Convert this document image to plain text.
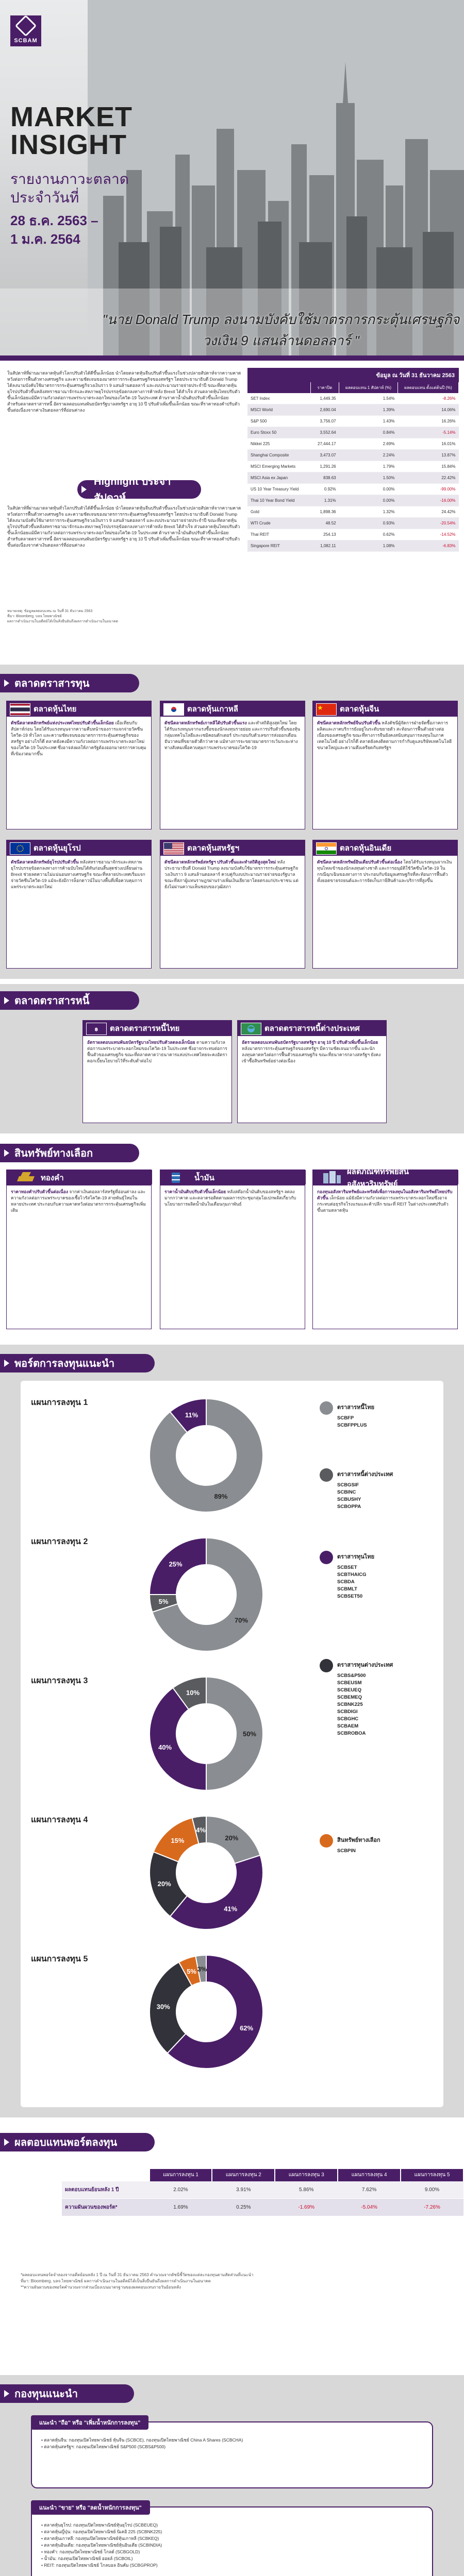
SCBAM
MARKET
INSIGHT
รายงานภาวะตลาด
ประจำวันที่
28 ธ.ค. 2563 –
1 ม.ค. 2564
"นาย Donald Trump ลงนามบังคับใช้มาตรการกระตุ้นเศรษฐกิจวงเงิน 9 แสนล้านดอลลาร์ "
ในสัปดาห์ที่ผ่านมาตลาดหุ้นทั่วโลกปรับตัวได้ดีขึ้นเล็กน้อย นำโดยตลาดหุ้นจีนปรับตัวขึ้นแรงในช่วงปลายสัปดาห์จากความคาดหวังต่อการฟื้นตัวทางเศรษฐกิจ และความชัดเจนของมาตรการกระตุ้นเศรษฐกิจของสหรัฐฯ โดยประธานาธิบดี Donald Trump ได้ลงนามบังคับใช้มาตรการกระตุ้นเศรษฐกิจวงเงินราว 9 แสนล้านดอลลาร์ และงบประมาณรายจ่ายประจำปี ขณะที่ตลาดหุ้นยุโรปปรับตัวขึ้นหลังสหราชอาณาจักรและสหภาพยุโรปบรรลุข้อตกลงทางการค้าหลัง Brexit ได้สำเร็จ ส่วนตลาดหุ้นไทยปรับตัวขึ้นเล็กน้อยแม้มีความกังวลต่อการแพร่ระบาดระลอกใหม่ของโควิด-19 ในประเทศ ด้านราคาน้ำมันดิบปรับตัวขึ้นเล็กน้อย สำหรับตลาดตราสารหนี้ อัตราผลตอบแทนพันธบัตรรัฐบาลสหรัฐฯ อายุ 10 ปี ปรับตัวเพิ่มขึ้นเล็กน้อย ขณะที่ราคาทองคำปรับตัวขึ้นต่อเนื่องจากค่าเงินดอลลาร์ที่อ่อนค่าลง
Highlight ประจำสัปดาห์
ในสัปดาห์ที่ผ่านมาตลาดหุ้นทั่วโลกปรับตัวได้ดีขึ้นเล็กน้อย นำโดยตลาดหุ้นจีนปรับตัวขึ้นแรงในช่วงปลายสัปดาห์จากความคาดหวังต่อการฟื้นตัวทางเศรษฐกิจ และความชัดเจนของมาตรการกระตุ้นเศรษฐกิจของสหรัฐฯ โดยประธานาธิบดี Donald Trump ได้ลงนามบังคับใช้มาตรการกระตุ้นเศรษฐกิจวงเงินราว 9 แสนล้านดอลลาร์ และงบประมาณรายจ่ายประจำปี ขณะที่ตลาดหุ้นยุโรปปรับตัวขึ้นหลังสหราชอาณาจักรและสหภาพยุโรปบรรลุข้อตกลงทางการค้าหลัง Brexit ได้สำเร็จ ส่วนตลาดหุ้นไทยปรับตัวขึ้นเล็กน้อยแม้มีความกังวลต่อการแพร่ระบาดระลอกใหม่ของโควิด-19 ในประเทศ ด้านราคาน้ำมันดิบปรับตัวขึ้นเล็กน้อย สำหรับตลาดตราสารหนี้ อัตราผลตอบแทนพันธบัตรรัฐบาลสหรัฐฯ อายุ 10 ปี ปรับตัวเพิ่มขึ้นเล็กน้อย ขณะที่ราคาทองคำปรับตัวขึ้นต่อเนื่องจากค่าเงินดอลลาร์ที่อ่อนค่าลง
หมายเหตุ: ข้อมูลผลตอบแทน ณ วันที่ 31 ธันวาคม 2563
ที่มา: Bloomberg, บลจ.ไทยพาณิชย์
ผลการดำเนินงานในอดีตมิได้เป็นสิ่งยืนยันถึงผลการดำเนินงานในอนาคต
ข้อมูล ณ วันที่ 31 ธันวาคม 2563
	ราคาปิด	ผลตอบแทน 1 สัปดาห์ (%)	ผลตอบแทน ตั้งแต่ต้นปี (%)
SET Index	1,449.35	1.54%	-8.26%
MSCI World	2,690.04	1.39%	14.06%
S&P 500	3,756.07	1.43%	16.26%
Euro Stoxx 50	3,552.64	0.84%	-5.14%
Nikkei 225	27,444.17	2.69%	16.01%
Shanghai Composite	3,473.07	2.24%	13.87%
MSCI Emerging Markets	1,291.26	1.79%	15.84%
MSCI Asia ex Japan	838.63	1.50%	22.42%
US 10 Year Treasury Yield	0.92%	0.00%	-99.00%
Thai 10 Year Bond Yield	1.31%	0.00%	-16.00%
Gold	1,898.36	1.32%	24.42%
WTI Crude	48.52	0.93%	-20.54%
Thai REIT	254.13	0.62%	-14.52%
Singapore REIT	1,082.11	1.08%	-6.83%
ตลาดตราสารทุน
ตลาดหุ้นไทย
ดัชนีตลาดหลักทรัพย์แห่งประเทศไทยปรับตัวขึ้นเล็กน้อย เมื่อเทียบกับสัปดาห์ก่อน โดยได้รับแรงหนุนจากความคืบหน้าของการแจกจ่ายวัคซีนโควิด-19 ทั่วโลก และความชัดเจนของมาตรการกระตุ้นเศรษฐกิจของสหรัฐฯ อย่างไรก็ดี ตลาดยังคงมีความกังวลต่อการแพร่ระบาดระลอกใหม่ของโควิด-19 ในประเทศ ซึ่งอาจส่งผลให้ภาครัฐต้องออกมาตรการควบคุมที่เข้มงวดมากขึ้น
ตลาดหุ้นเกาหลี
ดัชนีตลาดหลักทรัพย์เกาหลีใต้ปรับตัวขึ้นแรง และทำสถิติสูงสุดใหม่ โดยได้รับแรงหนุนจากแรงซื้อของนักลงทุนรายย่อย และการปรับตัวขึ้นของหุ้นกลุ่มเทคโนโลยีและเซมิคอนดักเตอร์ ประกอบกับตัวเลขการส่งออกเดือนธันวาคมที่ขยายตัวดีกว่าคาด แม้ทางการจะขยายมาตรการเว้นระยะห่างทางสังคมเพื่อควบคุมการแพร่ระบาดของโควิด-19
ตลาดหุ้นจีน
ดัชนีตลาดหลักทรัพย์จีนปรับตัวขึ้น หลังดัชนีผู้จัดการฝ่ายจัดซื้อภาคการผลิตและภาคบริการยังอยู่ในระดับขยายตัว สะท้อนการฟื้นตัวอย่างต่อเนื่องของเศรษฐกิจ ขณะที่ทางการจีนยังคงสนับสนุนการลงทุนในภาคเทคโนโลยี อย่างไรก็ดี ตลาดยังคงติดตามการกำกับดูแลบริษัทเทคโนโลยีขนาดใหญ่และความตึงเครียดกับสหรัฐฯ
ตลาดหุ้นยุโรป
ดัชนีตลาดหลักทรัพย์ยุโรปปรับตัวขึ้น หลังสหราชอาณาจักรและสหภาพยุโรปบรรลุข้อตกลงทางการค้าฉบับใหม่ได้ทันก่อนสิ้นสุดช่วงเปลี่ยนผ่าน Brexit ช่วยลดความไม่แน่นอนทางเศรษฐกิจ ขณะที่หลายประเทศเริ่มแจกจ่ายวัคซีนโควิด-19 แม้จะยังมีการล็อกดาวน์ในบางพื้นที่เพื่อควบคุมการแพร่ระบาดระลอกใหม่
ตลาดหุ้นสหรัฐฯ
ดัชนีตลาดหลักทรัพย์สหรัฐฯ ปรับตัวขึ้นและทำสถิติสูงสุดใหม่ หลังประธานาธิบดี Donald Trump ลงนามบังคับใช้มาตรการกระตุ้นเศรษฐกิจวงเงินราว 9 แสนล้านดอลลาร์ ควบคู่กับงบประมาณรายจ่ายของรัฐบาล ขณะที่สภาผู้แทนราษฎรผ่านร่างเพิ่มเงินเยียวยาโดยตรงแก่ประชาชน แต่ยังไม่ผ่านความเห็นชอบของวุฒิสภา
ตลาดหุ้นอินเดีย
ดัชนีตลาดหลักทรัพย์อินเดียปรับตัวขึ้นต่อเนื่อง โดยได้รับแรงหนุนจากเงินทุนไหลเข้าของนักลงทุนต่างชาติ และการอนุมัติใช้วัคซีนโควิด-19 ในกรณีฉุกเฉินของทางการ ประกอบกับข้อมูลเศรษฐกิจที่สะท้อนการฟื้นตัว ทั้งยอดขายรถยนต์และการจัดเก็บภาษีสินค้าและบริการที่สูงขึ้น
ตลาดตราสารหนี้
฿ ตลาดตราสารหนี้ไทย
อัตราผลตอบแทนพันธบัตรรัฐบาลไทยปรับตัวลดลงเล็กน้อย ตามความกังวลต่อการแพร่ระบาดระลอกใหม่ของโควิด-19 ในประเทศ ซึ่งอาจกระทบต่อการฟื้นตัวของเศรษฐกิจ ขณะที่ตลาดคาดว่าธนาคารแห่งประเทศไทยจะคงอัตราดอกเบี้ยนโยบายไว้ที่ระดับต่ำต่อไป
ตลาดตราสารหนี้ต่างประเทศ
อัตราผลตอบแทนพันธบัตรรัฐบาลสหรัฐฯ อายุ 10 ปี ปรับตัวเพิ่มขึ้นเล็กน้อย หลังมาตรการกระตุ้นเศรษฐกิจของสหรัฐฯ มีความชัดเจนมากขึ้น และนักลงทุนคาดหวังต่อการฟื้นตัวของเศรษฐกิจ ขณะที่ธนาคารกลางสหรัฐฯ ยังคงเข้าซื้อสินทรัพย์อย่างต่อเนื่อง
สินทรัพย์ทางเลือก
ทองคำ
ราคาทองคำปรับตัวขึ้นต่อเนื่อง จากค่าเงินดอลลาร์สหรัฐที่อ่อนค่าลง และความกังวลต่อการแพร่ระบาดของเชื้อไวรัสโควิด-19 สายพันธุ์ใหม่ในหลายประเทศ ประกอบกับความคาดหวังต่อมาตรการกระตุ้นเศรษฐกิจเพิ่มเติม
น้ำมัน
ราคาน้ำมันดิบปรับตัวขึ้นเล็กน้อย หลังสต๊อกน้ำมันดิบของสหรัฐฯ ลดลงมากกว่าคาด และตลาดรอติดตามผลการประชุมกลุ่มโอเปกพลัสเกี่ยวกับนโยบายการผลิตน้ำมันในเดือนกุมภาพันธ์
ผลิตภัณฑ์ทรัพย์สินอสังหาริมทรัพย์
กองทุนอสังหาริมทรัพย์และทรัสต์เพื่อการลงทุนในอสังหาริมทรัพย์ไทยปรับตัวขึ้น เล็กน้อย แม้ยังมีความกังวลต่อการแพร่ระบาดระลอกใหม่ซึ่งอาจกระทบต่อธุรกิจโรงแรมและค้าปลีก ขณะที่ REIT ในต่างประเทศปรับตัวขึ้นตามตลาดหุ้น
พอร์ตการลงทุนแนะนำ
แผนการลงทุน 1
89%
11%
แผนการลงทุน 2
70%
5%
25%
แผนการลงทุน 3
50%
40%
10%
แผนการลงทุน 4
20%
41%
20%
15%
4%
แผนการลงทุน 5
62%
30%
5% 3%
ตราสารหนี้ไทย
SCBFP
SCBFPPLUS
ตราสารหนี้ต่างประเทศ
SCBGSIF
SCBINC
SCBUSHY
SCBOPPA
ตราสารทุนไทย
SCBSET
SCBTHAICG
SCBDA
SCBMLT
SCBSET50
ตราสารทุนต่างประเทศ
SCBS&P500
SCBEUSM
SCBEUEQ
SCBEMEQ
SCBNK225
SCBDIGI
SCBGHC
SCBAEM
SCBROBOA
สินทรัพย์ทางเลือก
SCBPIN
ผลตอบแทนพอร์ตลงทุน
	แผนการลงทุน 1	แผนการลงทุน 2	แผนการลงทุน 3	แผนการลงทุน 4	แผนการลงทุน 5
ผลตอบแทนย้อนหลัง 1 ปี	2.02%	3.91%	5.86%	7.62%	9.00%
ความผันผวนของพอร์ต*	1.69%	0.25%	-1.69%	-5.04%	-7.26%
*ผลตอบแทนพอร์ตจำลองจากอดีตย้อนหลัง 1 ปี ณ วันที่ 31 ธันวาคม 2563 คำนวณจากดัชนีชี้วัดของแต่ละกองทุนตามสัดส่วนที่แนะนำ
ที่มา: Bloomberg, บลจ.ไทยพาณิชย์ ผลการดำเนินงานในอดีตมิได้เป็นสิ่งยืนยันถึงผลการดำเนินงานในอนาคต
**ความผันผวนของพอร์ตคำนวณจากส่วนเบี่ยงเบนมาตรฐานของผลตอบแทนรายวันย้อนหลัง
กองทุนแนะนำ
แนะนำ "ถือ" หรือ "เพิ่มน้ำหนักการลงทุน"
• ตลาดหุ้นจีน: กองทุนเปิดไทยพาณิชย์ หุ้นจีน (SCBCE), กองทุนเปิดไทยพาณิชย์ China A Shares (SCBCHA)
• ตลาดหุ้นสหรัฐฯ: กองทุนเปิดไทยพาณิชย์ S&P500 (SCBS&P500)
แนะนำ "ขาย" หรือ "ลดน้ำหนักการลงทุน"
• ตลาดหุ้นยุโรป: กองทุนเปิดไทยพาณิชย์หุ้นยุโรป (SCBEUEQ)
• ตลาดหุ้นญี่ปุ่น: กองทุนเปิดไทยพาณิชย์ นิเคอิ 225 (SCBNK225)
• ตลาดหุ้นเกาหลี: กองทุนเปิดไทยพาณิชย์หุ้นเกาหลี (SCBKEQ)
• ตลาดหุ้นอินเดีย: กองทุนเปิดไทยพาณิชย์หุ้นอินเดีย (SCBINDIA)
• ทองคำ: กองทุนเปิดไทยพาณิชย์ โกลด์ (SCBGOLD)
• น้ำมัน: กองทุนเปิดไทยพาณิชย์ ออยล์ (SCBOIL)
• REIT: กองทุนเปิดไทยพาณิชย์ โกลบอล อินคัม (SCBGPROP)
